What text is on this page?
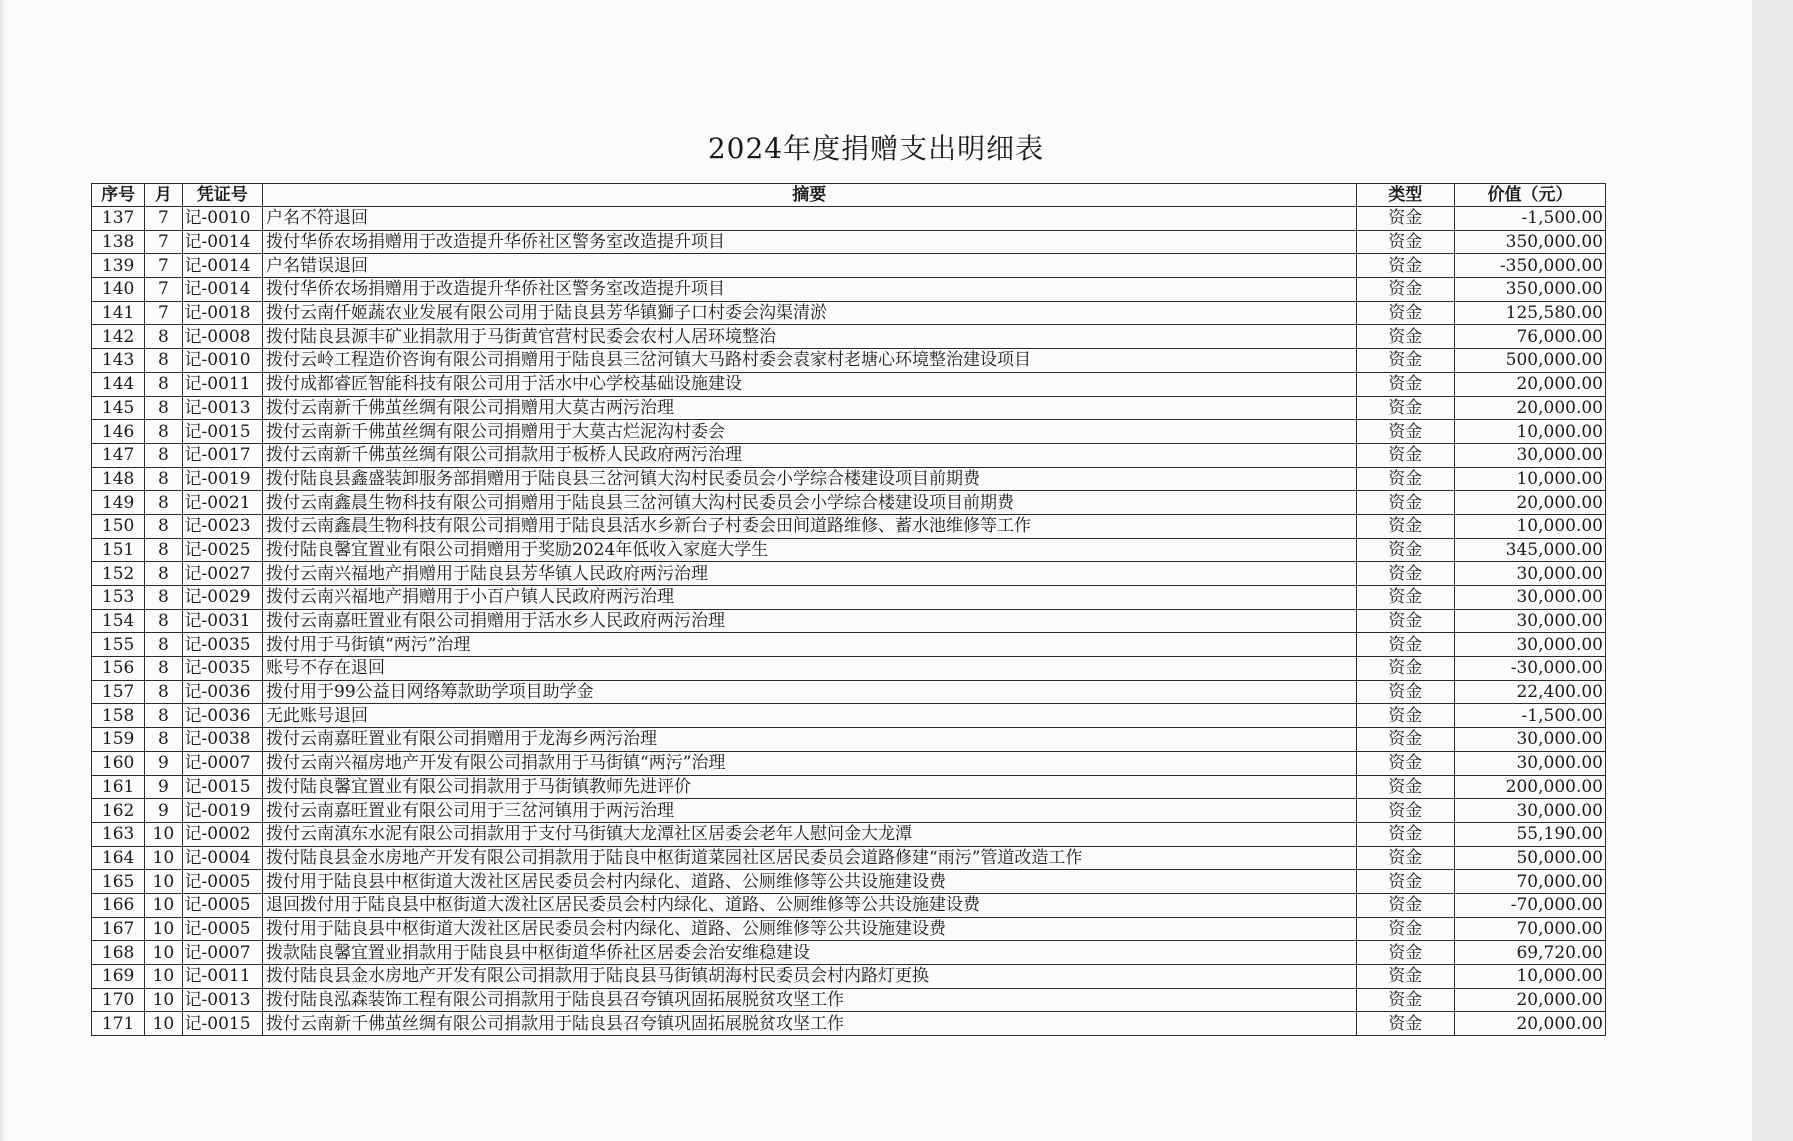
2024年度捐赠支出明细表
序号	月	凭证号	摘要	类型	价值（元）
137	7	记-0010	户名不符退回	资金	-1,500.00
138	7	记-0014	拨付华侨农场捐赠用于改造提升华侨社区警务室改造提升项目	资金	350,000.00
139	7	记-0014	户名错误退回	资金	-350,000.00
140	7	记-0014	拨付华侨农场捐赠用于改造提升华侨社区警务室改造提升项目	资金	350,000.00
141	7	记-0018	拨付云南仟姬蔬农业发展有限公司用于陆良县芳华镇獅子口村委会沟渠清淤	资金	125,580.00
142	8	记-0008	拨付陆良县源丰矿业捐款用于马街黄官营村民委会农村人居环境整治	资金	76,000.00
143	8	记-0010	拨付云岭工程造价咨询有限公司捐赠用于陆良县三岔河镇大马路村委会袁家村老塘心环境整治建设项目	资金	500,000.00
144	8	记-0011	拨付成都睿匠智能科技有限公司用于活水中心学校基础设施建设	资金	20,000.00
145	8	记-0013	拨付云南新千佛茧丝绸有限公司捐赠用大莫古两污治理	资金	20,000.00
146	8	记-0015	拨付云南新千佛茧丝绸有限公司捐赠用于大莫古烂泥沟村委会	资金	10,000.00
147	8	记-0017	拨付云南新千佛茧丝绸有限公司捐款用于板桥人民政府两污治理	资金	30,000.00
148	8	记-0019	拨付陆良县鑫盛装卸服务部捐赠用于陆良县三岔河镇大沟村民委员会小学综合楼建设项目前期费	资金	10,000.00
149	8	记-0021	拨付云南鑫晨生物科技有限公司捐赠用于陆良县三岔河镇大沟村民委员会小学综合楼建设项目前期费	资金	20,000.00
150	8	记-0023	拨付云南鑫晨生物科技有限公司捐赠用于陆良县活水乡新台子村委会田间道路维修、蓄水池维修等工作	资金	10,000.00
151	8	记-0025	拨付陆良馨宜置业有限公司捐赠用于奖励2024年低收入家庭大学生	资金	345,000.00
152	8	记-0027	拨付云南兴福地产捐赠用于陆良县芳华镇人民政府两污治理	资金	30,000.00
153	8	记-0029	拨付云南兴福地产捐赠用于小百户镇人民政府两污治理	资金	30,000.00
154	8	记-0031	拨付云南嘉旺置业有限公司捐赠用于活水乡人民政府两污治理	资金	30,000.00
155	8	记-0035	拨付用于马街镇“两污”治理	资金	30,000.00
156	8	记-0035	账号不存在退回	资金	-30,000.00
157	8	记-0036	拨付用于99公益日网络筹款助学项目助学金	资金	22,400.00
158	8	记-0036	无此账号退回	资金	-1,500.00
159	8	记-0038	拨付云南嘉旺置业有限公司捐赠用于龙海乡两污治理	资金	30,000.00
160	9	记-0007	拨付云南兴福房地产开发有限公司捐款用于马街镇“两污”治理	资金	30,000.00
161	9	记-0015	拨付陆良馨宜置业有限公司捐款用于马街镇教师先进评价	资金	200,000.00
162	9	记-0019	拨付云南嘉旺置业有限公司用于三岔河镇用于两污治理	资金	30,000.00
163	10	记-0002	拨付云南滇东水泥有限公司捐款用于支付马街镇大龙潭社区居委会老年人慰问金大龙潭	资金	55,190.00
164	10	记-0004	拨付陆良县金水房地产开发有限公司捐款用于陆良中枢街道菜园社区居民委员会道路修建“雨污”管道改造工作	资金	50,000.00
165	10	记-0005	拨付用于陆良县中枢街道大泼社区居民委员会村内绿化、道路、公厕维修等公共设施建设费	资金	70,000.00
166	10	记-0005	退回拨付用于陆良县中枢街道大泼社区居民委员会村内绿化、道路、公厕维修等公共设施建设费	资金	-70,000.00
167	10	记-0005	拨付用于陆良县中枢街道大泼社区居民委员会村内绿化、道路、公厕维修等公共设施建设费	资金	70,000.00
168	10	记-0007	拨款陆良馨宜置业捐款用于陆良县中枢街道华侨社区居委会治安维稳建设	资金	69,720.00
169	10	记-0011	拨付陆良县金水房地产开发有限公司捐款用于陆良县马街镇胡海村民委员会村内路灯更换	资金	10,000.00
170	10	记-0013	拨付陆良泓森装饰工程有限公司捐款用于陆良县召夸镇巩固拓展脱贫攻坚工作	资金	20,000.00
171	10	记-0015	拨付云南新千佛茧丝绸有限公司捐款用于陆良县召夸镇巩固拓展脱贫攻坚工作	资金	20,000.00
